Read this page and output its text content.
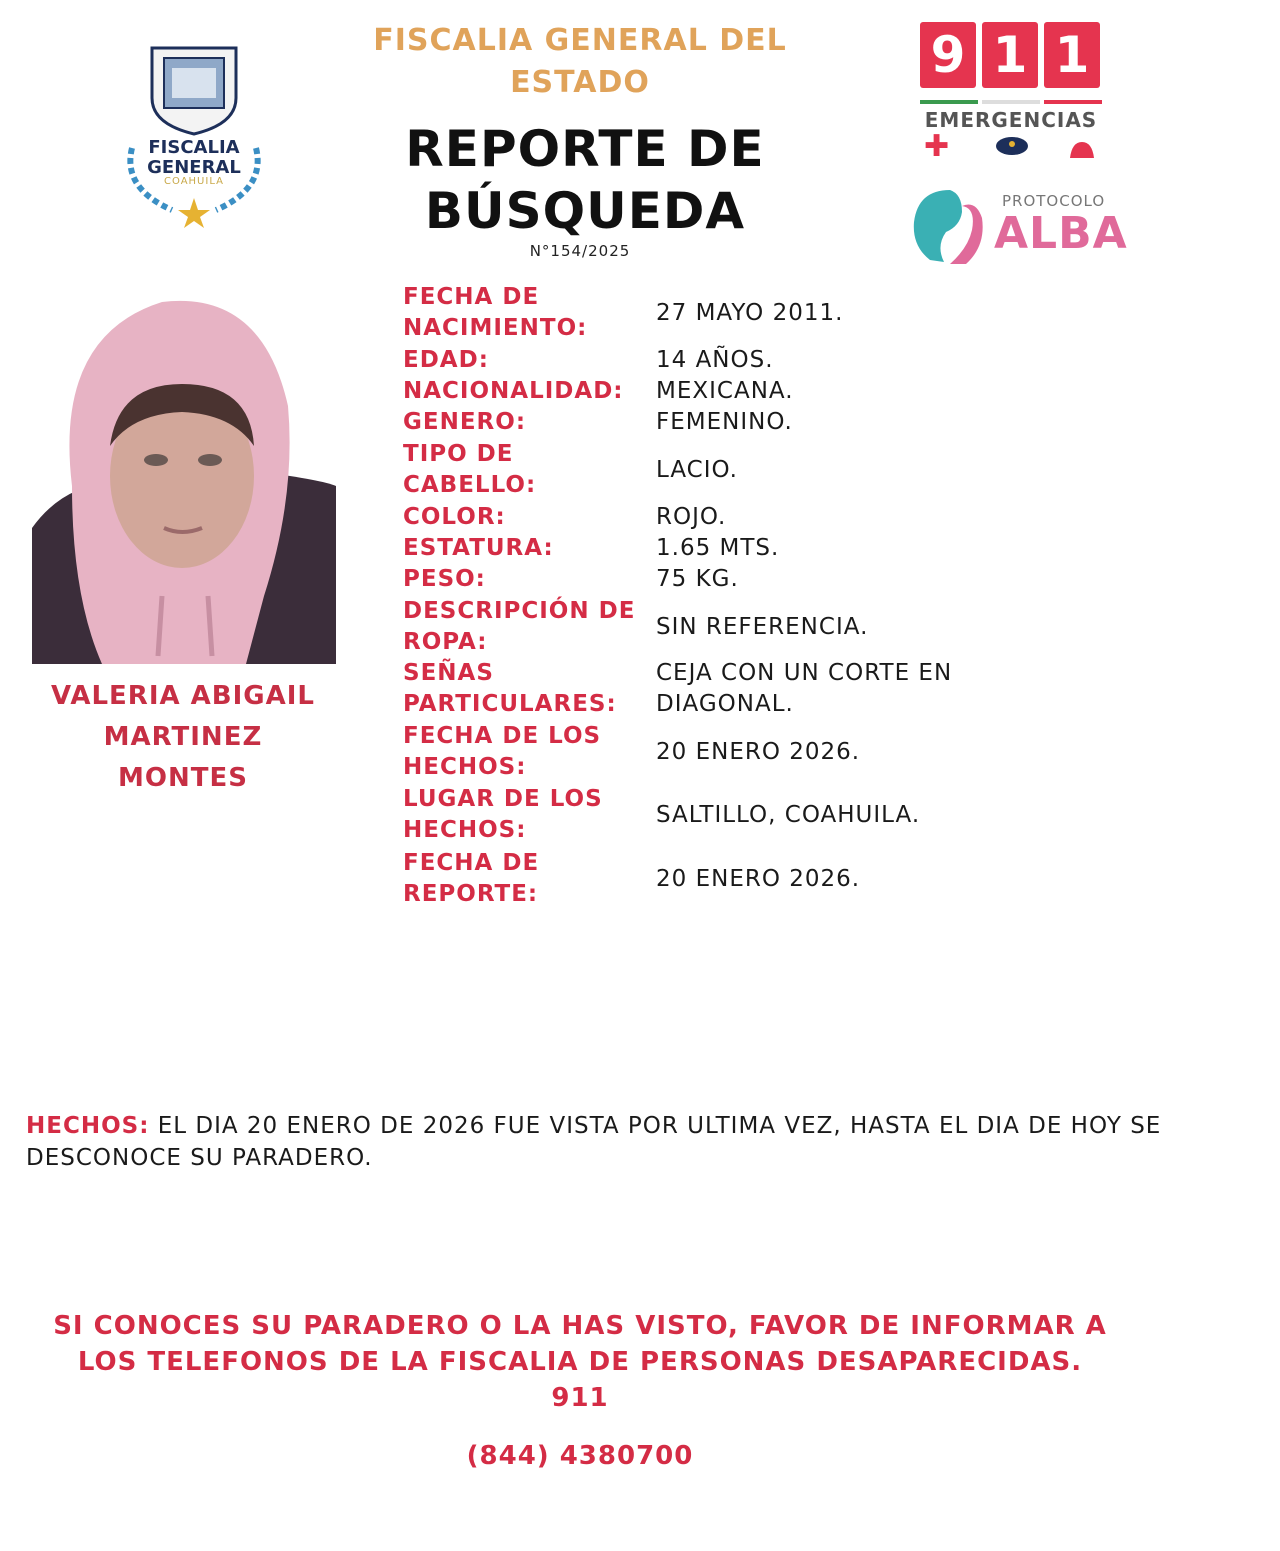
FISCALIA
GENERAL
COAHUILA
FISCALIA GENERAL DEL ESTADO
REPORTE DE BÚSQUEDA
N°154/2025
9 1 1
EMERGENCIAS
✚
PROTOCOLO
ALBA
VALERIA ABIGAIL
MARTINEZ
MONTES
FECHA DE NACIMIENTO:
27 MAYO 2011.
EDAD:	14 AÑOS.
NACIONALIDAD:	MEXICANA.
GENERO:	FEMENINO.
TIPO DE CABELLO:
LACIO.
COLOR:	ROJO.
ESTATURA:	1.65 MTS.
PESO:	75 KG.
DESCRIPCIÓN DE ROPA:
SIN REFERENCIA.
SEÑAS PARTICULARES:
CEJA CON UN CORTE EN DIAGONAL.
FECHA DE LOS HECHOS:
20 ENERO 2026.
LUGAR DE LOS HECHOS:
SALTILLO, COAHUILA.
FECHA DE REPORTE:
20 ENERO 2026.
HECHOS: EL DIA 20 ENERO DE 2026 FUE VISTA POR ULTIMA VEZ, HASTA EL DIA DE HOY SE DESCONOCE SU PARADERO.
SI CONOCES SU PARADERO O LA HAS VISTO, FAVOR DE INFORMAR A LOS TELEFONOS DE LA FISCALIA DE PERSONAS DESAPARECIDAS.
911
(844) 4380700
